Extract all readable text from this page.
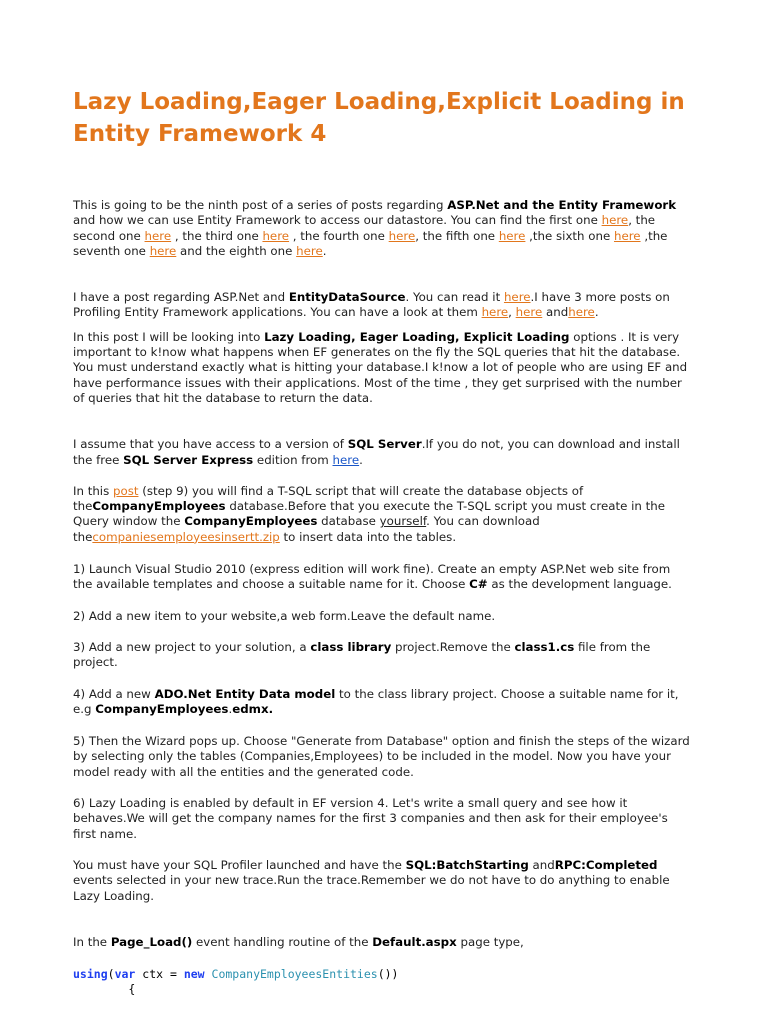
Lazy Loading,Eager Loading,Explicit Loading in Entity Framework 4

This is going to be the ninth post of a series of posts regarding ASP.Net and the Entity Framework and how we can use Entity Framework to access our datastore. You can find the first one here, the second one here , the third one here , the fourth one here, the fifth one here ,the sixth one here ,the seventh one here and the eighth one here.

I have a post regarding ASP.Net and EntityDataSource. You can read it here.I have 3 more posts on Profiling Entity Framework applications. You can have a look at them here, here andhere.

In this post I will be looking into Lazy Loading, Eager Loading, Explicit Loading options . It is very important to k!now what happens when EF generates on the fly the SQL queries that hit the database. You must understand exactly what is hitting your database.I k!now a lot of people who are using EF and have performance issues with their applications. Most of the time , they get surprised with the number of queries that hit the database to return the data.

I assume that you have access to a version of SQL Server.If you do not, you can download and install the free SQL Server Express edition from here.

In this post (step 9) you will find a T-SQL script that will create the database objects of theCompanyEmployees database.Before that you execute the T-SQL script you must create in the Query window the CompanyEmployees database yourself. You can download thecompaniesemployeesinsertt.zip to insert data into the tables.

1) Launch Visual Studio 2010 (express edition will work fine). Create an empty ASP.Net web site from the available templates and choose a suitable name for it. Choose C# as the development language.

2) Add a new item to your website,a web form.Leave the default name.

3) Add a new project to your solution, a class library project.Remove the class1.cs file from the project.

4) Add a new ADO.Net Entity Data model to the class library project. Choose a suitable name for it, e.g CompanyEmployees.edmx.

5) Then the Wizard pops up. Choose "Generate from Database" option and finish the steps of the wizard by selecting only the tables (Companies,Employees) to be included in the model. Now you have your model ready with all the entities and the generated code.

6) Lazy Loading is enabled by default in EF version 4. Let's write a small query and see how it behaves.We will get the company names for the first 3 companies and then ask for their employee's first name.

You must have your SQL Profiler launched and have the SQL:BatchStarting andRPC:Completed events selected in your new trace.Run the trace.Remember we do not have to do anything to enable Lazy Loading.

In the Page_Load() event handling routine of the Default.aspx page type,

using(var ctx = new CompanyEmployeesEntities())
{
